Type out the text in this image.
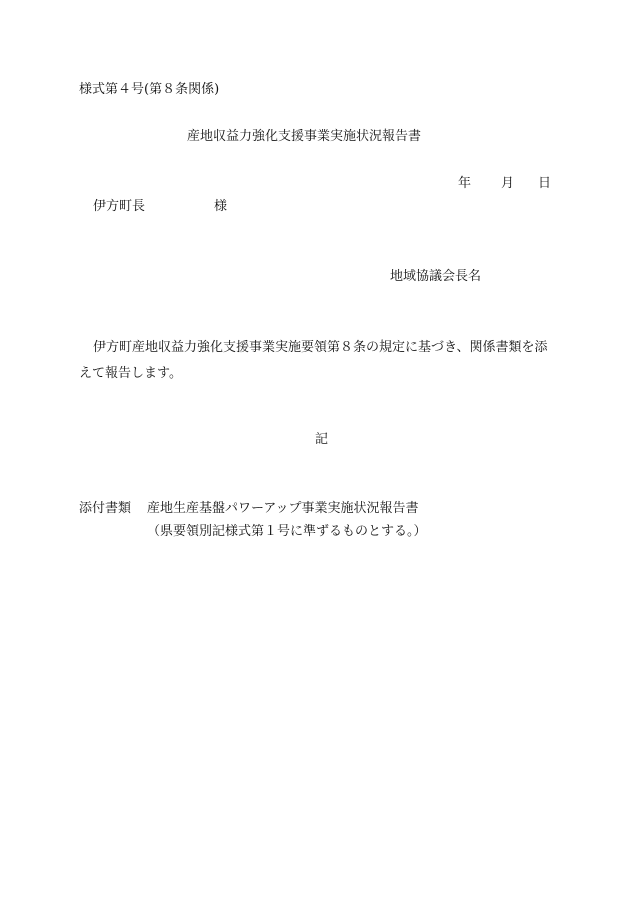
様式第４号(第８条関係)
産地収益力強化支援事業実施状況報告書
年 月 日
伊方町長	様
地域協議会長名
伊方町産地収益力強化支援事業実施要領第８条の規定に基づき、関係書類を添
えて報告します。
記
添付書類 産地生産基盤パワーアップ事業実施状況報告書
（県要領別記様式第１号に準ずるものとする。）
